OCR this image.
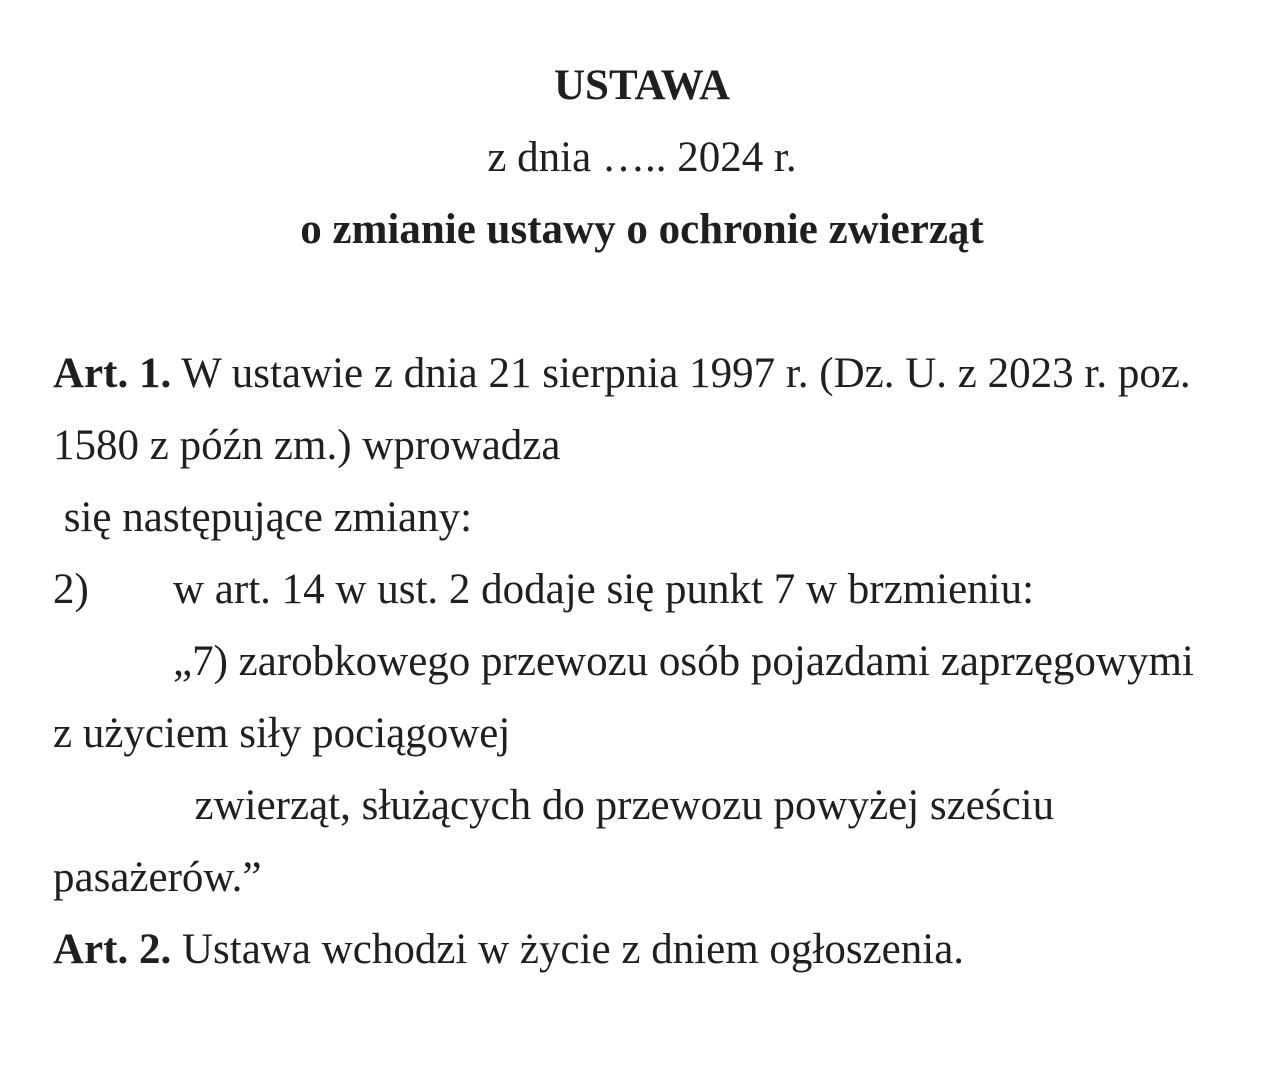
USTAWA
z dnia ….. 2024 r.
o zmianie ustawy o ochronie zwierząt

Art. 1. W ustawie z dnia 21 sierpnia 1997 r. (Dz. U. z 2023 r. poz.
1580 z późn zm.) wprowadza
się następujące zmiany:
2)	w art. 14 w ust. 2 dodaje się punkt 7 w brzmieniu:
	„7) zarobkowego przewozu osób pojazdami zaprzęgowymi
z użyciem siły pociągowej
	zwierząt, służących do przewozu powyżej sześciu
pasażerów.”
Art. 2. Ustawa wchodzi w życie z dniem ogłoszenia.
